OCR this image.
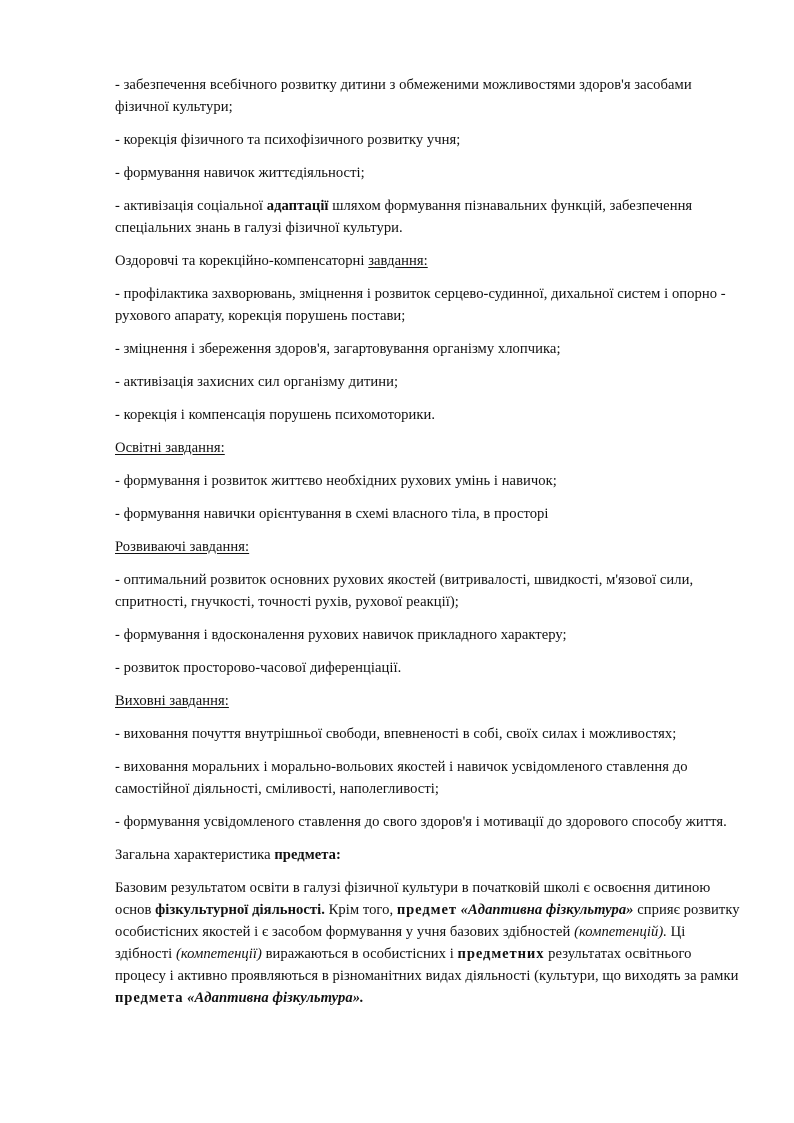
- забезпечення всебічного розвитку дитини з обмеженими можливостями здоров'я засобами фізичної культури;

- корекція фізичного та психофізичного розвитку учня;

- формування навичок життєдіяльності;

- активізація соціальної адаптації шляхом формування пізнавальних функцій, забезпечення спеціальних знань в галузі фізичної культури.

Оздоровчі та корекційно-компенсаторні завдання:

- профілактика захворювань, зміцнення і розвиток серцево-судинної, дихальної систем і опорно - рухового апарату, корекція порушень постави;

- зміцнення і збереження здоров'я, загартовування організму хлопчика;

- активізація захисних сил організму дитини;

- корекція і компенсація порушень психомоторики.

Освітні завдання:

- формування і розвиток життєво необхідних рухових умінь і навичок;

- формування навички орієнтування в схемі власного тіла, в просторі

Розвиваючі завдання:

- оптимальний розвиток основних рухових якостей (витривалості, швидкості, м'язової сили, спритності, гнучкості, точності рухів, рухової реакції);

- формування і вдосконалення рухових навичок прикладного характеру;

- розвиток просторово-часової диференціації.

Виховні завдання:

- виховання почуття внутрішньої свободи, впевненості в собі, своїх силах і можливостях;

- виховання моральних і морально-вольових якостей і навичок усвідомленого ставлення до самостійної діяльності, сміливості, наполегливості;

- формування усвідомленого ставлення до свого здоров'я і мотивації до здорового способу життя.

Загальна характеристика предмета:

Базовим результатом освіти в галузі фізичної культури в початковій школі є освоєння дитиною основ фізкультурної діяльності. Крім того, предмет «Адаптивна фізкультура» сприяє розвитку особистісних якостей і є засобом формування у учня базових здібностей (компетенцій). Ці здібності (компетенції) виражаються в особистісних і предметних результатах освітнього процесу і активно проявляються в різноманітних видах діяльності (культури, що виходять за рамки предмета «Адаптивна фізкультура».
